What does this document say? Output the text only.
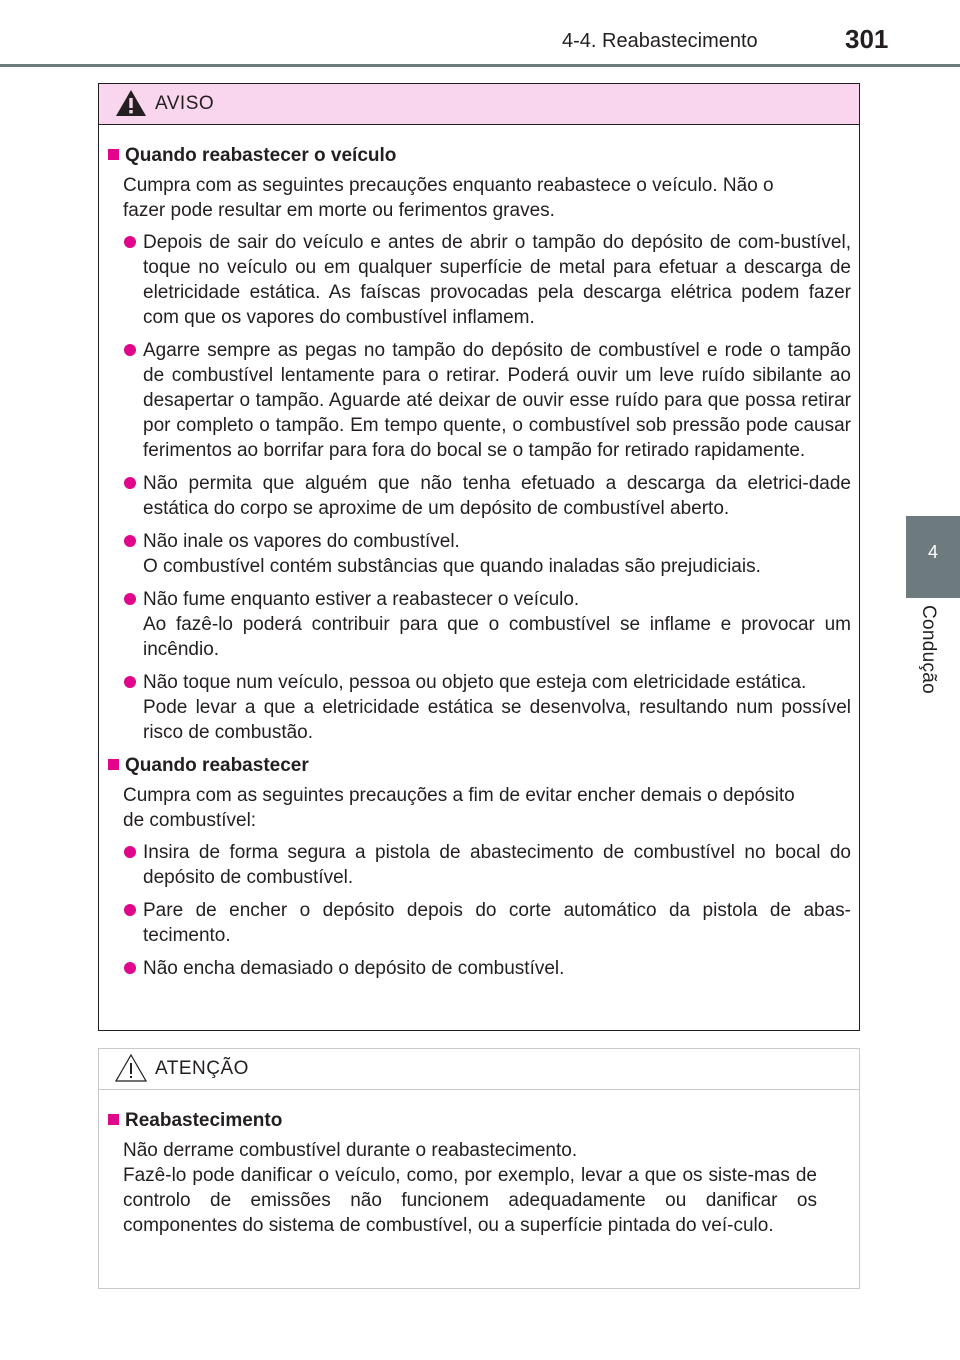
4-4. Reabastecimento	301
4
Condução
AVISO
Quando reabastecer o veículo

Cumpra com as seguintes precauções enquanto reabastece o veículo. Não o fazer pode resultar em morte ou ferimentos graves.

Depois de sair do veículo e antes de abrir o tampão do depósito de com-bustível, toque no veículo ou em qualquer superfície de metal para efetuar a descarga de eletricidade estática. As faíscas provocadas pela descarga elétrica podem fazer com que os vapores do combustível inflamem.

Agarre sempre as pegas no tampão do depósito de combustível e rode o tampão de combustível lentamente para o retirar. Poderá ouvir um leve ruído sibilante ao desapertar o tampão. Aguarde até deixar de ouvir esse ruído para que possa retirar por completo o tampão. Em tempo quente, o combustível sob pressão pode causar ferimentos ao borrifar para fora do bocal se o tampão for retirado rapidamente.

Não permita que alguém que não tenha efetuado a descarga da eletrici-dade estática do corpo se aproxime de um depósito de combustível aberto.

Não inale os vapores do combustível.

O combustível contém substâncias que quando inaladas são prejudiciais.

Não fume enquanto estiver a reabastecer o veículo.

Ao fazê-lo poderá contribuir para que o combustível se inflame e provocar um incêndio.

Não toque num veículo, pessoa ou objeto que esteja com eletricidade estática.

Pode levar a que a eletricidade estática se desenvolva, resultando num possível risco de combustão.

Quando reabastecer

Cumpra com as seguintes precauções a fim de evitar encher demais o depósito de combustível:

Insira de forma segura a pistola de abastecimento de combustível no bocal do depósito de combustível.

Pare de encher o depósito depois do corte automático da pistola de abas-tecimento.

Não encha demasiado o depósito de combustível.

ATENÇÃO
Reabastecimento

Não derrame combustível durante o reabastecimento.

Fazê-lo pode danificar o veículo, como, por exemplo, levar a que os siste-mas de controlo de emissões não funcionem adequadamente ou danificar os componentes do sistema de combustível, ou a superfície pintada do veí-culo.
